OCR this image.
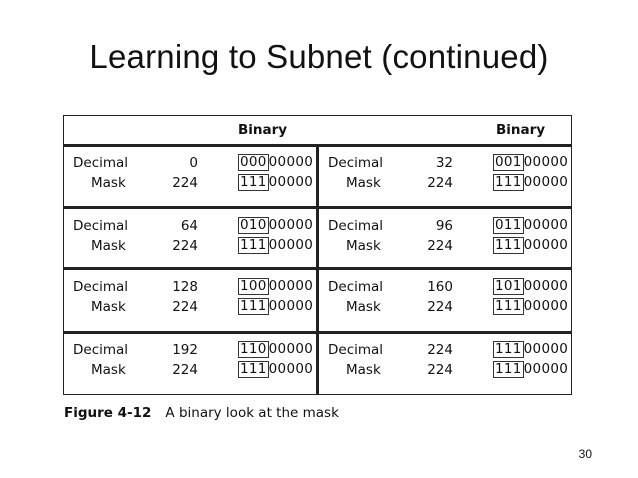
Learning to Subnet (continued)
Binary	Binary
Decimal
Mask
0
224
000 00000
111 00000
Decimal
Mask
32
224
001 00000
111 00000
Decimal
Mask
64
224
010 00000
111 00000
Decimal
Mask
96
224
011 00000
111 00000
Decimal
Mask
128
224
100 00000
111 00000
Decimal
Mask
160
224
101 00000
111 00000
Decimal
Mask
192
224
110 00000
111 00000
Decimal
Mask
224
224
111 00000
111 00000
Figure 4-12 A binary look at the mask
30
